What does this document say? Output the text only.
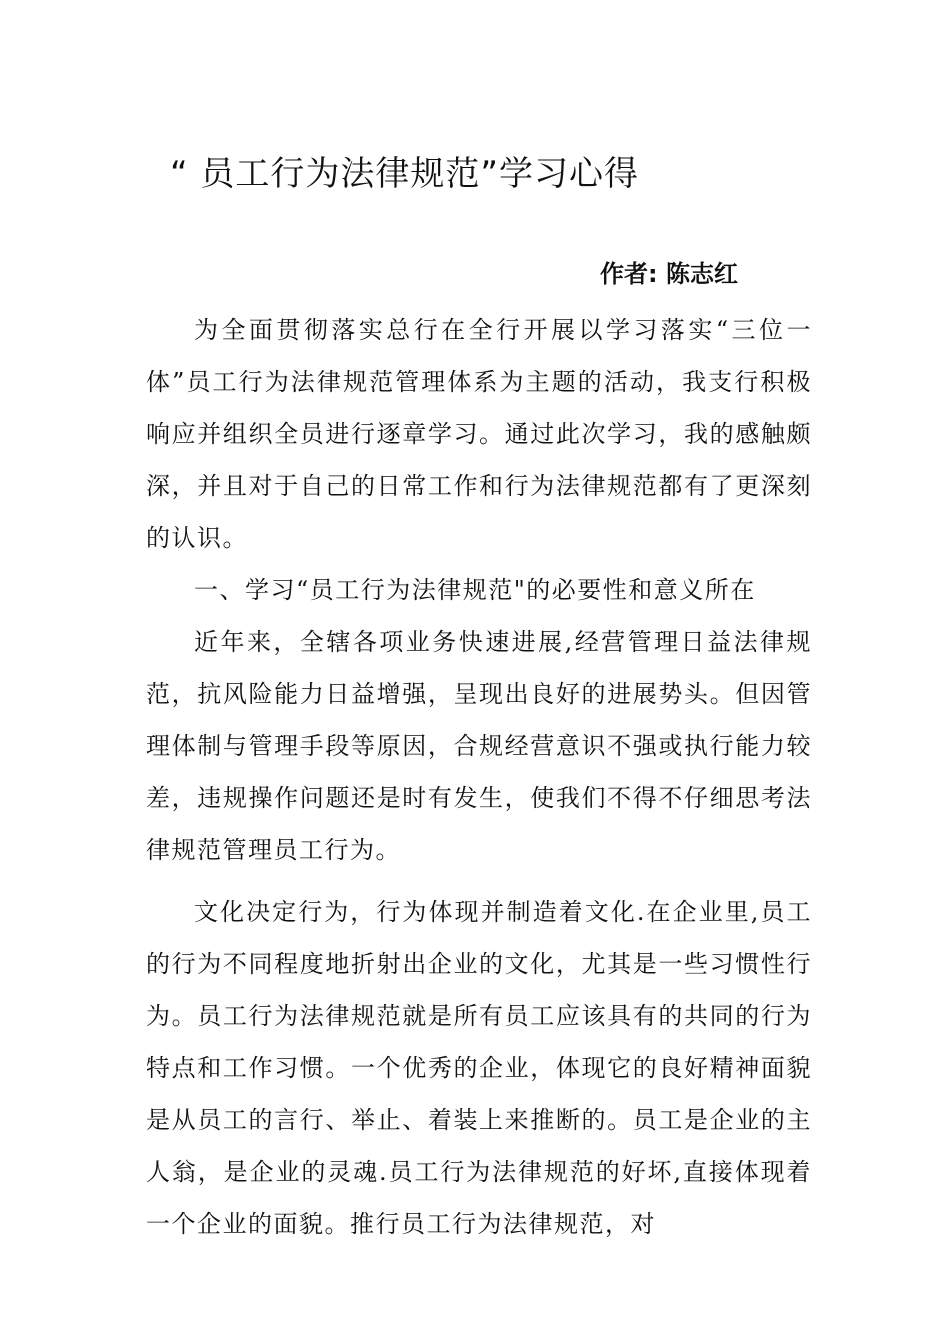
“ 员工行为法律规范”学习心得
作者: 陈志红

为全面贯彻落实总行在全行开展以学习落实“三位一体”员工行为法律规范管理体系为主题的活动，我支行积极响应并组织全员进行逐章学习。通过此次学习，我的感触颇深，并且对于自己的日常工作和行为法律规范都有了更深刻的认识。

一、学习“员工行为法律规范"的必要性和意义所在

近年来，全辖各项业务快速进展,经营管理日益法律规范，抗风险能力日益增强，呈现出良好的进展势头。但因管理体制与管理手段等原因，合规经营意识不强或执行能力较差，违规操作问题还是时有发生，使我们不得不仔细思考法律规范管理员工行为。

文化决定行为，行为体现并制造着文化.在企业里,员工的行为不同程度地折射出企业的文化，尤其是一些习惯性行为。员工行为法律规范就是所有员工应该具有的共同的行为特点和工作习惯。一个优秀的企业，体现它的良好精神面貌是从员工的言行、举止、着装上来推断的。员工是企业的主人翁，是企业的灵魂.员工行为法律规范的好坏,直接体现着一个企业的面貌。推行员工行为法律规范，对
